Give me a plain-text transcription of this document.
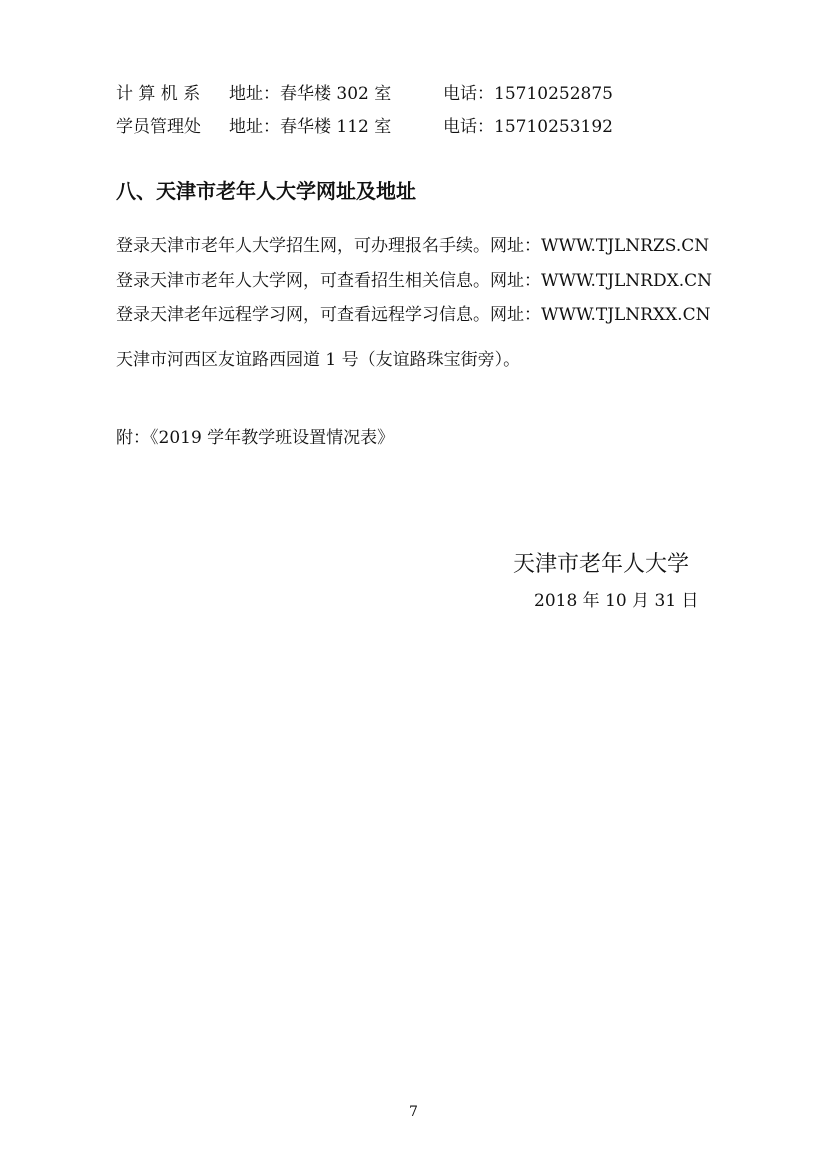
计 算 机 系 地址：春华楼 302 室	电话：15710252875
学员管理处 地址：春华楼 112 室	电话：15710253192
八、天津市老年人大学网址及地址
登录天津市老年人大学招生网，可办理报名手续。网址：WWW.TJLNRZS.CN
登录天津市老年人大学网，可查看招生相关信息。网址：WWW.TJLNRDX.CN
登录天津老年远程学习网，可查看远程学习信息。网址：WWW.TJLNRXX.CN
天津市河西区友谊路西园道 1 号（友谊路珠宝街旁）。
附：《2019 学年教学班设置情况表》
天津市老年人大学
2018 年 10 月 31 日
7
